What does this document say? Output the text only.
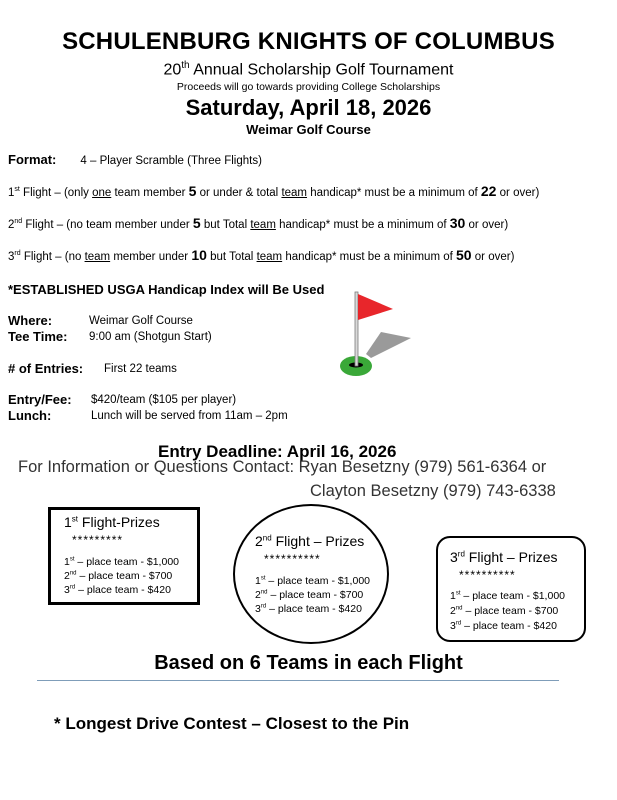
SCHULENBURG KNIGHTS OF COLUMBUS
20th Annual Scholarship Golf Tournament
Proceeds will go towards providing College Scholarships
Saturday, April 18, 2026
Weimar Golf Course
Format: 4 – Player Scramble (Three Flights)
1st Flight – (only one team member 5 or under & total team handicap* must be a minimum of 22 or over)
2nd Flight – (no team member under 5 but Total team handicap* must be a minimum of 30 or over)
3rd Flight – (no team member under 10 but Total team handicap* must be a minimum of 50 or over)
*ESTABLISHED USGA Handicap Index will Be Used
Where:	Weimar Golf Course
Tee Time: 9:00 am (Shotgun Start)
# of Entries: First 22 teams
Entry/Fee: $420/team ($105 per player)
Lunch:	Lunch will be served from 11am – 2pm
Entry Deadline: April 16, 2026
For Information or Questions Contact: Ryan Besetzny (979) 561-6364 or
Clayton Besetzny (979) 743-6338
1st Flight-Prizes
*********
1st – place team - $1,000
2nd – place team - $700
3rd – place team - $420
2nd Flight – Prizes
**********
1st – place team - $1,000
2nd – place team - $700
3rd – place team - $420
3rd Flight – Prizes
**********
1st – place team - $1,000
2nd – place team - $700
3rd – place team - $420
Based on 6 Teams in each Flight
* Longest Drive Contest – Closest to the Pin
